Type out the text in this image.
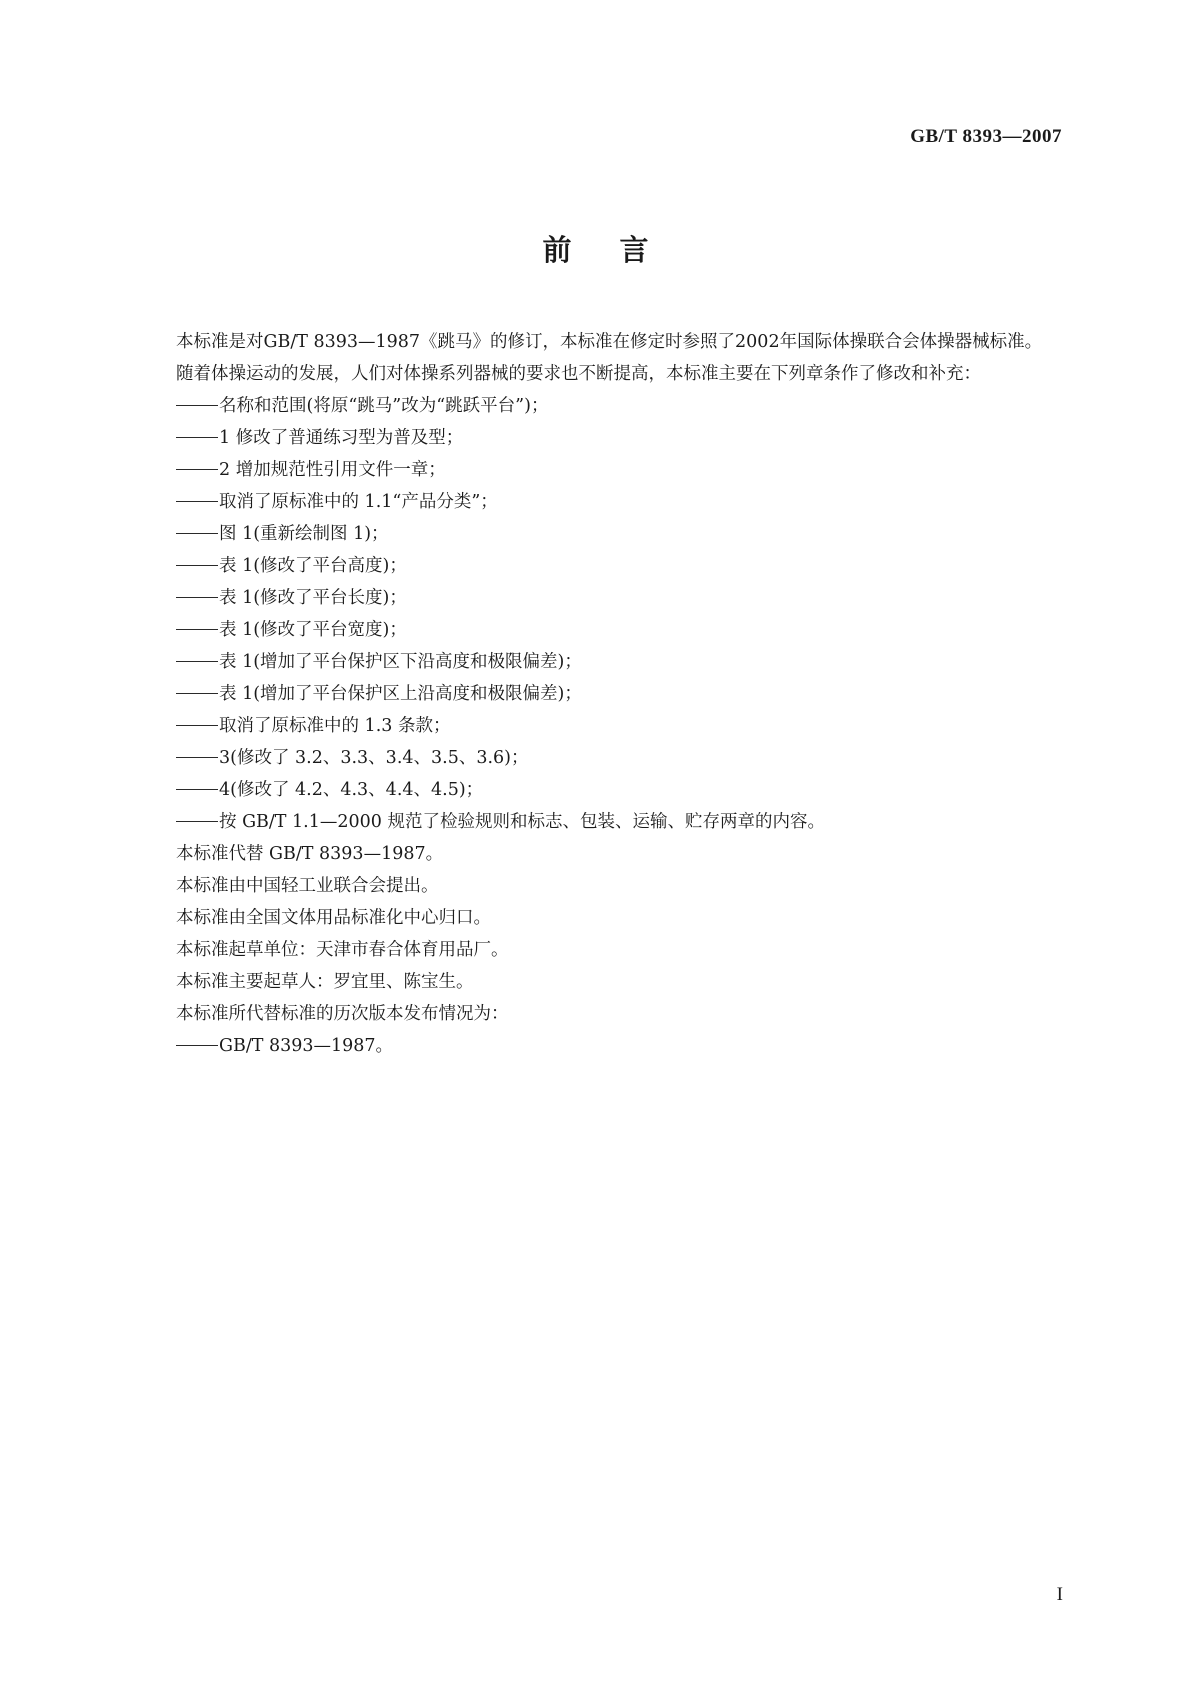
GB/T 8393—2007
前言

本标准是对GB/T 8393—1987《跳马》的修订，本标准在修定时参照了2002年国际体操联合会体操器械标准。

随着体操运动的发展，人们对体操系列器械的要求也不断提高，本标准主要在下列章条作了修改和补充：

名称和范围(将原“跳马”改为“跳跃平台”)；
1 修改了普通练习型为普及型；
2 增加规范性引用文件一章；
取消了原标准中的 1.1“产品分类”；
图 1(重新绘制图 1)；
表 1(修改了平台高度)；
表 1(修改了平台长度)；
表 1(修改了平台宽度)；
表 1(增加了平台保护区下沿高度和极限偏差)；
表 1(增加了平台保护区上沿高度和极限偏差)；
取消了原标准中的 1.3 条款；
3(修改了 3.2、3.3、3.4、3.5、3.6)；
4(修改了 4.2、4.3、4.4、4.5)；
按 GB/T 1.1—2000 规范了检验规则和标志、包装、运输、贮存两章的内容。

本标准代替 GB/T 8393—1987。

本标准由中国轻工业联合会提出。

本标准由全国文体用品标准化中心归口。

本标准起草单位：天津市春合体育用品厂。

本标准主要起草人：罗宜里、陈宝生。

本标准所代替标准的历次版本发布情况为：

GB/T 8393—1987。
I
